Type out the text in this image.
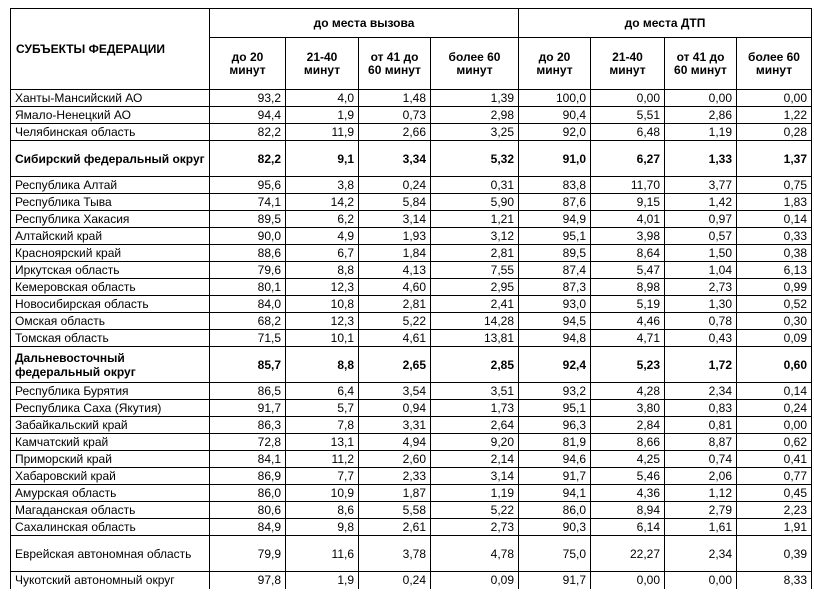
СУБЪЕКТЫ ФЕДЕРАЦИИ	до места вызова				до места ДТП			
	до 20 минут	21-40 минут	от 41 до 60 минут	более 60 минут	до 20 минут	21-40 минут	от 41 до 60 минут	более 60 минут
Ханты-Мансийский АО	93,2	4,0	1,48	1,39	100,0	0,00	0,00	0,00
Ямало-Ненецкий АО	94,4	1,9	0,73	2,98	90,4	5,51	2,86	1,22
Челябинская область	82,2	11,9	2,66	3,25	92,0	6,48	1,19	0,28
Сибирский федеральный округ	82,2	9,1	3,34	5,32	91,0	6,27	1,33	1,37
Республика Алтай	95,6	3,8	0,24	0,31	83,8	11,70	3,77	0,75
Республика Тыва	74,1	14,2	5,84	5,90	87,6	9,15	1,42	1,83
Республика Хакасия	89,5	6,2	3,14	1,21	94,9	4,01	0,97	0,14
Алтайский край	90,0	4,9	1,93	3,12	95,1	3,98	0,57	0,33
Красноярский край	88,6	6,7	1,84	2,81	89,5	8,64	1,50	0,38
Иркутская область	79,6	8,8	4,13	7,55	87,4	5,47	1,04	6,13
Кемеровская область	80,1	12,3	4,60	2,95	87,3	8,98	2,73	0,99
Новосибирская область	84,0	10,8	2,81	2,41	93,0	5,19	1,30	0,52
Омская область	68,2	12,3	5,22	14,28	94,5	4,46	0,78	0,30
Томская область	71,5	10,1	4,61	13,81	94,8	4,71	0,43	0,09
Дальневосточный федеральный округ	85,7	8,8	2,65	2,85	92,4	5,23	1,72	0,60
Республика Бурятия	86,5	6,4	3,54	3,51	93,2	4,28	2,34	0,14
Республика Саха (Якутия)	91,7	5,7	0,94	1,73	95,1	3,80	0,83	0,24
Забайкальский край	86,3	7,8	3,31	2,64	96,3	2,84	0,81	0,00
Камчатский край	72,8	13,1	4,94	9,20	81,9	8,66	8,87	0,62
Приморский край	84,1	11,2	2,60	2,14	94,6	4,25	0,74	0,41
Хабаровский край	86,9	7,7	2,33	3,14	91,7	5,46	2,06	0,77
Амурская область	86,0	10,9	1,87	1,19	94,1	4,36	1,12	0,45
Магаданская область	80,6	8,6	5,58	5,22	86,0	8,94	2,79	2,23
Сахалинская область	84,9	9,8	2,61	2,73	90,3	6,14	1,61	1,91
Еврейская автономная область	79,9	11,6	3,78	4,78	75,0	22,27	2,34	0,39
Чукотский автономный округ	97,8	1,9	0,24	0,09	91,7	0,00	0,00	8,33
